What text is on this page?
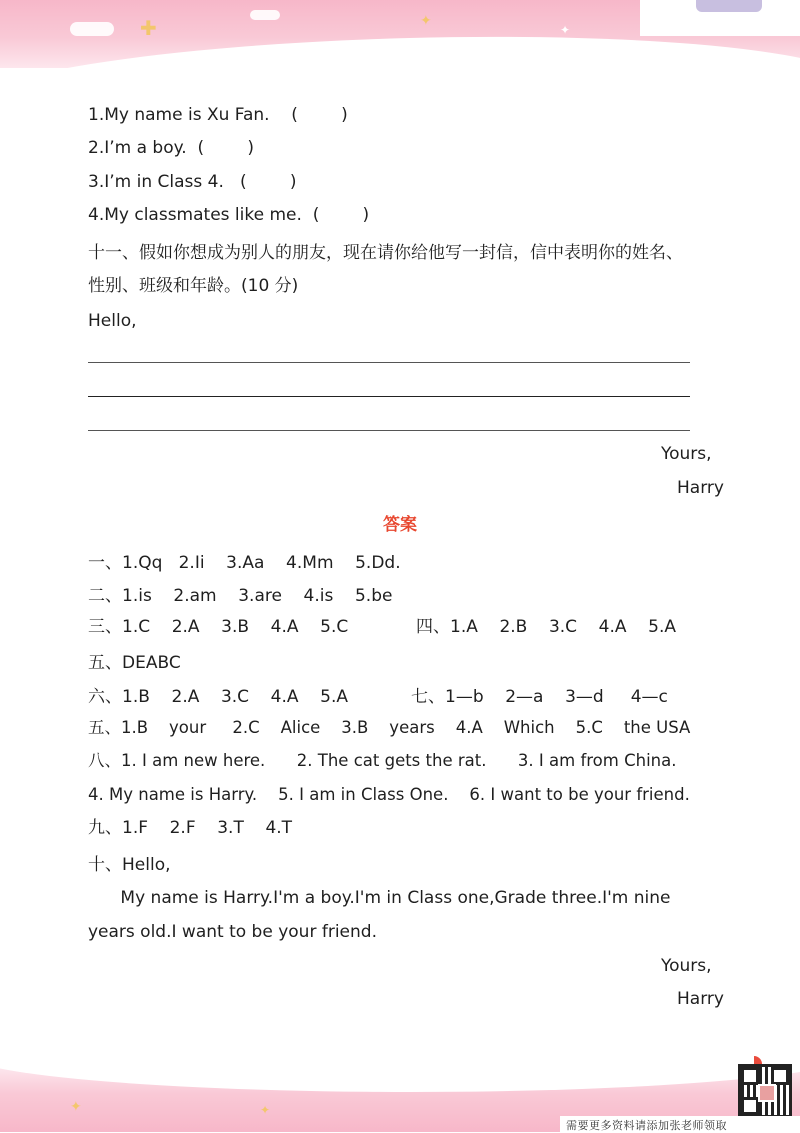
✚	✦
✦
✦	✦
需要更多资料请添加张老师领取
1.My name is Xu Fan.    (        )
2.I’m a boy.  (        )
3.I’m in Class 4.   (        )
4.My classmates like me.  (        )
十一、假如你想成为别人的朋友，现在请你给他写一封信，信中表明你的姓名、
性别、班级和年龄。(10 分)
Hello,
Yours,
Harry
答案
一、1.Qq   2.Ii    3.Aa    4.Mm    5.Dd.
二、1.is    2.am    3.are    4.is    5.be
三、1.C    2.A    3.B    4.A    5.C	四、1.A    2.B    3.C    4.A    5.A
五、DEABC
六、1.B    2.A    3.C    4.A    5.A	七、1—b    2—a    3—d     4—c
五、1.B    your     2.C    Alice    3.B    years    4.A    Which    5.C    the USA
八、1. I am new here.      2. The cat gets the rat.      3. I am from China.
4. My name is Harry.    5. I am in Class One.    6. I want to be your friend.
九、1.F    2.F    3.T    4.T
十、Hello,
My name is Harry.I'm a boy.I'm in Class one,Grade three.I'm nine
years old.I want to be your friend.
Yours,
Harry
